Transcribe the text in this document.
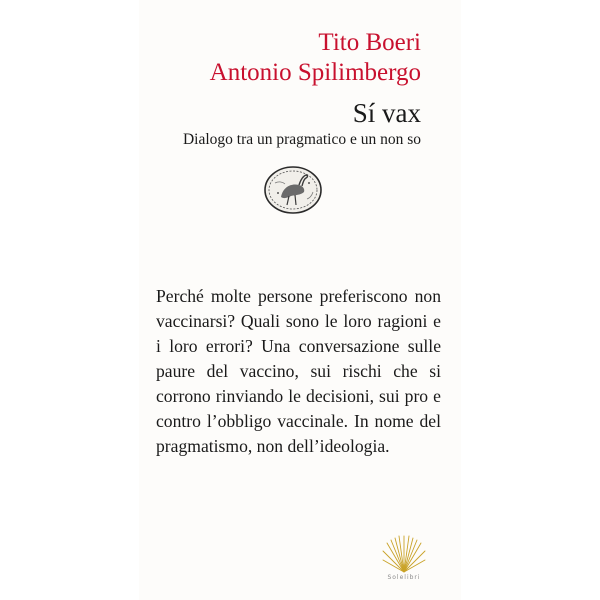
Tito Boeri
Antonio Spilimbergo
Sí vax
Dialogo tra un pragmatico e un non so

Perché molte persone preferiscono non vaccinarsi? Quali sono le loro ragioni e i loro errori? Una conversazione sulle paure del vaccino, sui rischi che si corrono rinviando le decisioni, sui pro e contro l’obbligo vaccinale. In nome del pragmatismo, non dell’ideologia.

Solelibri
